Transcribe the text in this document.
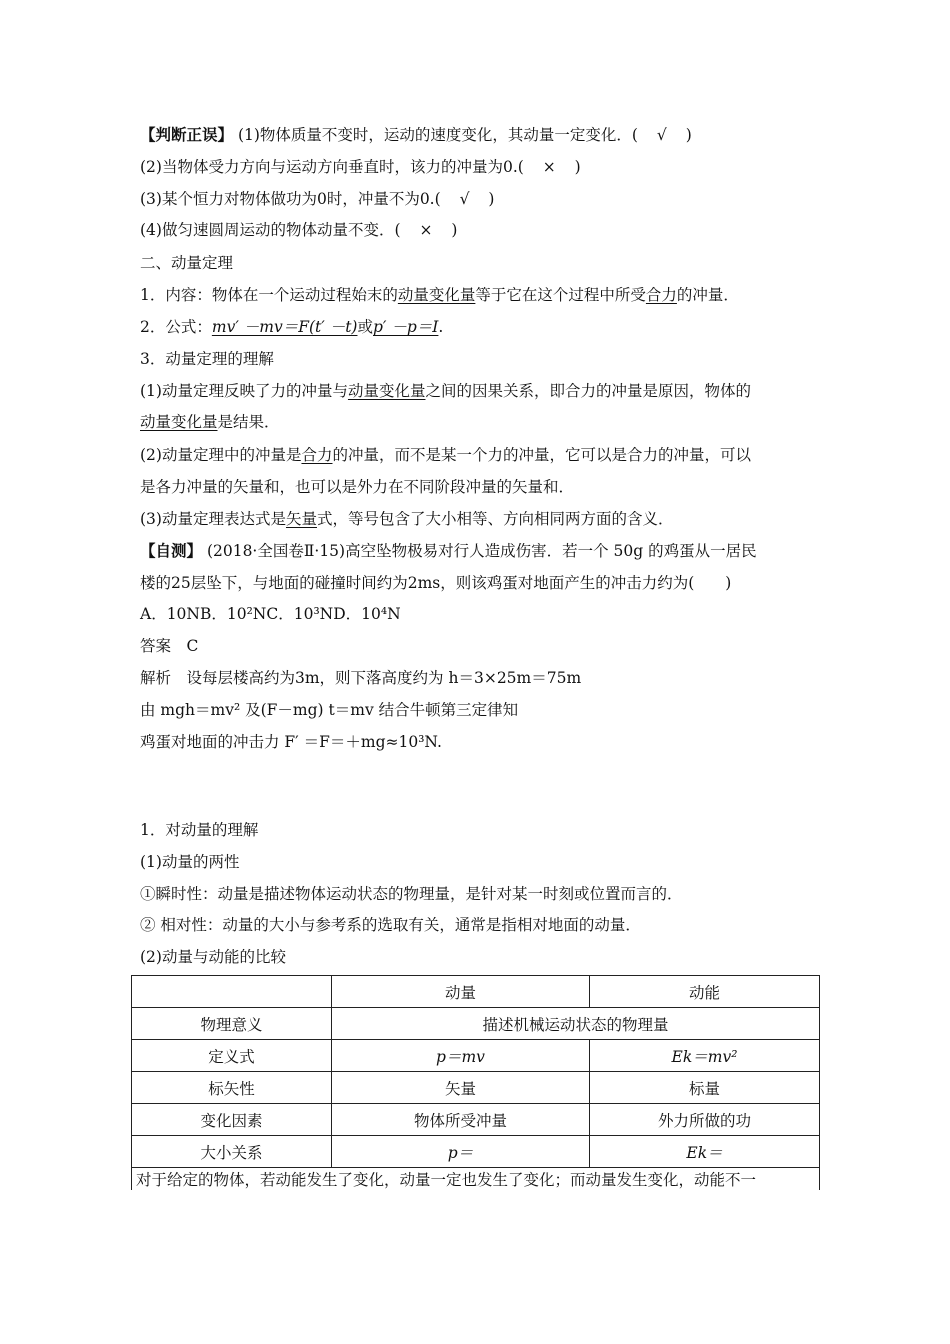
【判断正误】 (1)物体质量不变时，运动的速度变化，其动量一定变化．( √ )
(2)当物体受力方向与运动方向垂直时，该力的冲量为0.( × )
(3)某个恒力对物体做功为0时，冲量不为0.( √ )
(4)做匀速圆周运动的物体动量不变．( × )
二、动量定理
1．内容：物体在一个运动过程始末的动量变化量等于它在这个过程中所受合力的冲量．
2．公式：mv′ －mv＝F(t′ －t)或p′ －p＝I.
3．动量定理的理解
(1)动量定理反映了力的冲量与动量变化量之间的因果关系，即合力的冲量是原因，物体的
动量变化量是结果．
(2)动量定理中的冲量是合力的冲量，而不是某一个力的冲量，它可以是合力的冲量，可以
是各力冲量的矢量和，也可以是外力在不同阶段冲量的矢量和．
(3)动量定理表达式是矢量式，等号包含了大小相等、方向相同两方面的含义．
【自测】 (2018·全国卷Ⅱ·15)高空坠物极易对行人造成伤害．若一个 50g 的鸡蛋从一居民
楼的25层坠下，与地面的碰撞时间约为2ms，则该鸡蛋对地面产生的冲击力约为(　　)
A．10NB．10²NC．10³ND．10⁴N
答案　C
解析　设每层楼高约为3m，则下落高度约为 h＝3×25m＝75m
由 mgh＝mv² 及(F－mg) t＝mv 结合牛顿第三定律知
鸡蛋对地面的冲击力 F′ ＝F＝＋mg≈10³N.
1．对动量的理解
(1)动量的两性
①瞬时性：动量是描述物体运动状态的物理量，是针对某一时刻或位置而言的．
② 相对性：动量的大小与参考系的选取有关，通常是指相对地面的动量．
(2)动量与动能的比较
	动量	动能
物理意义	描述机械运动状态的物理量	
定义式	p＝mv	Ek＝mv²
标矢性	矢量	标量
变化因素	物体所受冲量	外力所做的功
大小关系	p＝	Ek＝
对于给定的物体，若动能发生了变化，动量一定也发生了变化；而动量发生变化，动能不一		
